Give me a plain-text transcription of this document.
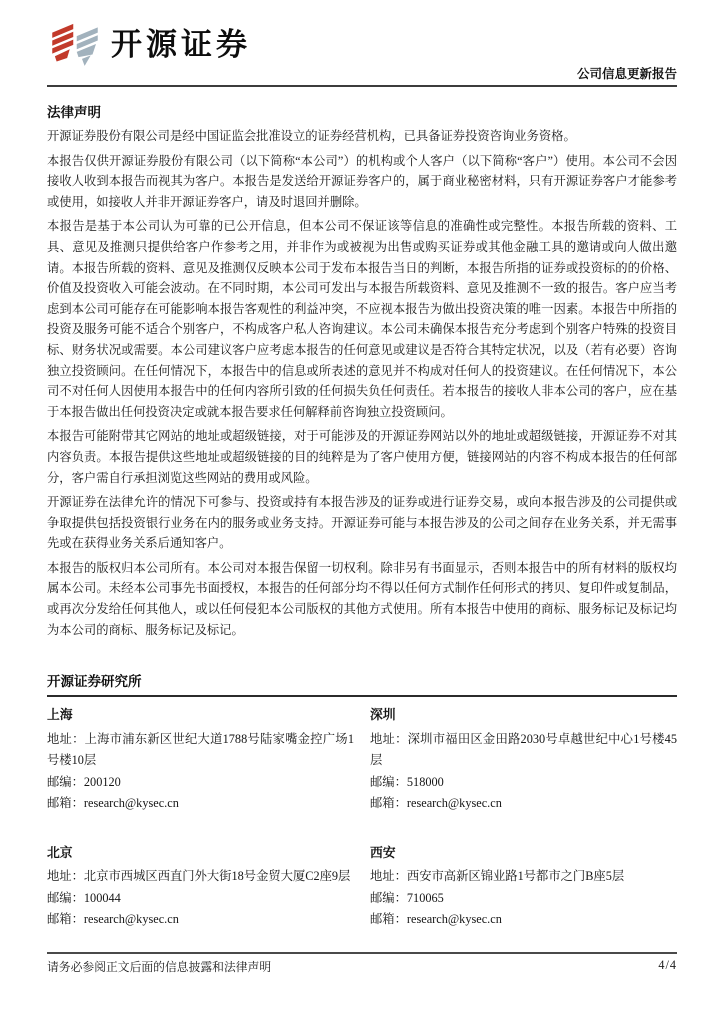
开源证券
公司信息更新报告
法律声明

开源证券股份有限公司是经中国证监会批准设立的证券经营机构，已具备证券投资咨询业务资格。

本报告仅供开源证券股份有限公司（以下简称“本公司”）的机构或个人客户（以下简称“客户”）使用。本公司不会因接收人收到本报告而视其为客户。本报告是发送给开源证券客户的，属于商业秘密材料，只有开源证券客户才能参考或使用，如接收人并非开源证券客户，请及时退回并删除。

本报告是基于本公司认为可靠的已公开信息，但本公司不保证该等信息的准确性或完整性。本报告所载的资料、工具、意见及推测只提供给客户作参考之用，并非作为或被视为出售或购买证券或其他金融工具的邀请或向人做出邀请。本报告所载的资料、意见及推测仅反映本公司于发布本报告当日的判断，本报告所指的证券或投资标的的价格、价值及投资收入可能会波动。在不同时期，本公司可发出与本报告所载资料、意见及推测不一致的报告。客户应当考虑到本公司可能存在可能影响本报告客观性的利益冲突，不应视本报告为做出投资决策的唯一因素。本报告中所指的投资及服务可能不适合个别客户，不构成客户私人咨询建议。本公司未确保本报告充分考虑到个别客户特殊的投资目标、财务状况或需要。本公司建议客户应考虑本报告的任何意见或建议是否符合其特定状况，以及（若有必要）咨询独立投资顾问。在任何情况下，本报告中的信息或所表述的意见并不构成对任何人的投资建议。在任何情况下，本公司不对任何人因使用本报告中的任何内容所引致的任何损失负任何责任。若本报告的接收人非本公司的客户，应在基于本报告做出任何投资决定或就本报告要求任何解释前咨询独立投资顾问。

本报告可能附带其它网站的地址或超级链接，对于可能涉及的开源证券网站以外的地址或超级链接，开源证券不对其内容负责。本报告提供这些地址或超级链接的目的纯粹是为了客户使用方便，链接网站的内容不构成本报告的任何部分，客户需自行承担浏览这些网站的费用或风险。

开源证券在法律允许的情况下可参与、投资或持有本报告涉及的证券或进行证券交易，或向本报告涉及的公司提供或争取提供包括投资银行业务在内的服务或业务支持。开源证券可能与本报告涉及的公司之间存在业务关系，并无需事先或在获得业务关系后通知客户。

本报告的版权归本公司所有。本公司对本报告保留一切权利。除非另有书面显示，否则本报告中的所有材料的版权均属本公司。未经本公司事先书面授权，本报告的任何部分均不得以任何方式制作任何形式的拷贝、复印件或复制品，或再次分发给任何其他人，或以任何侵犯本公司版权的其他方式使用。所有本报告中使用的商标、服务标记及标记均为本公司的商标、服务标记及标记。

开源证券研究所

上海

地址：上海市浦东新区世纪大道1788号陆家嘴金控广场1号楼10层

邮编：200120

邮箱：research@kysec.cn

深圳

地址：深圳市福田区金田路2030号卓越世纪中心1号楼45层

邮编：518000

邮箱：research@kysec.cn

北京

地址：北京市西城区西直门外大街18号金贸大厦C2座9层

邮编：100044

邮箱：research@kysec.cn

西安

地址：西安市高新区锦业路1号都市之门B座5层

邮编：710065

邮箱：research@kysec.cn

请务必参阅正文后面的信息披露和法律声明	4/4
